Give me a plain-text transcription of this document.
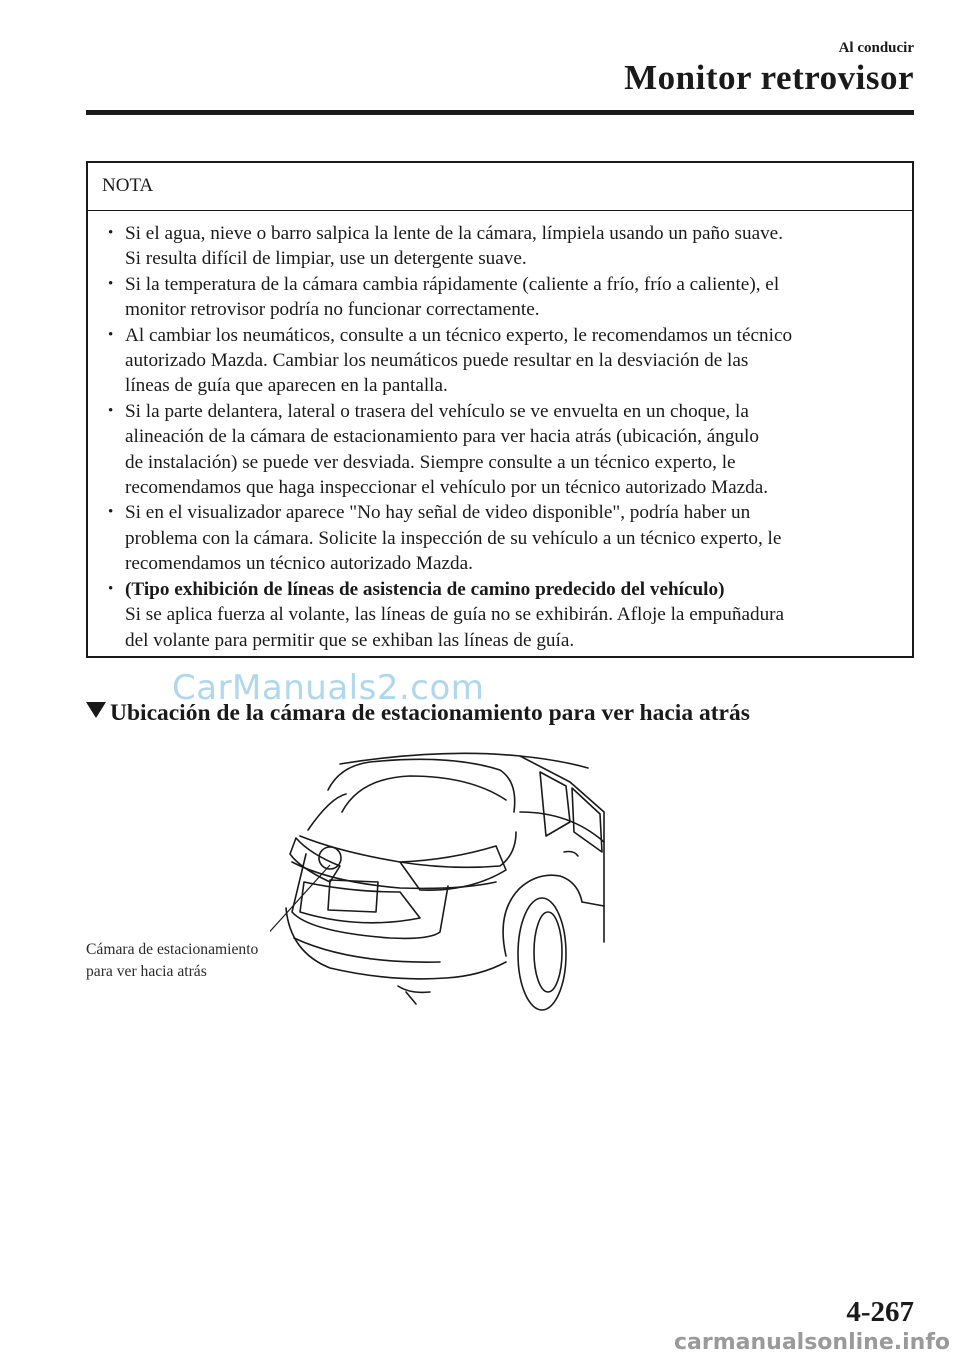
Al conducir
Monitor retrovisor
NOTA
• Si el agua, nieve o barro salpica la lente de la cámara, límpiela usando un paño suave.
Si resulta difícil de limpiar, use un detergente suave.
• Si la temperatura de la cámara cambia rápidamente (caliente a frío, frío a caliente), el
monitor retrovisor podría no funcionar correctamente.
• Al cambiar los neumáticos, consulte a un técnico experto, le recomendamos un técnico
autorizado Mazda. Cambiar los neumáticos puede resultar en la desviación de las
líneas de guía que aparecen en la pantalla.
• Si la parte delantera, lateral o trasera del vehículo se ve envuelta en un choque, la
alineación de la cámara de estacionamiento para ver hacia atrás (ubicación, ángulo
de instalación) se puede ver desviada. Siempre consulte a un técnico experto, le
recomendamos que haga inspeccionar el vehículo por un técnico autorizado Mazda.
• Si en el visualizador aparece "No hay señal de video disponible", podría haber un
problema con la cámara. Solicite la inspección de su vehículo a un técnico experto, le
recomendamos un técnico autorizado Mazda.
• (Tipo exhibición de líneas de asistencia de camino predecido del vehículo)
Si se aplica fuerza al volante, las líneas de guía no se exhibirán. Afloje la empuñadura
del volante para permitir que se exhiban las líneas de guía.
Ubicación de la cámara de estacionamiento para ver hacia atrás
CarManuals2.com
Cámara de estacionamiento
para ver hacia atrás
4-267
carmanualsonline.info
